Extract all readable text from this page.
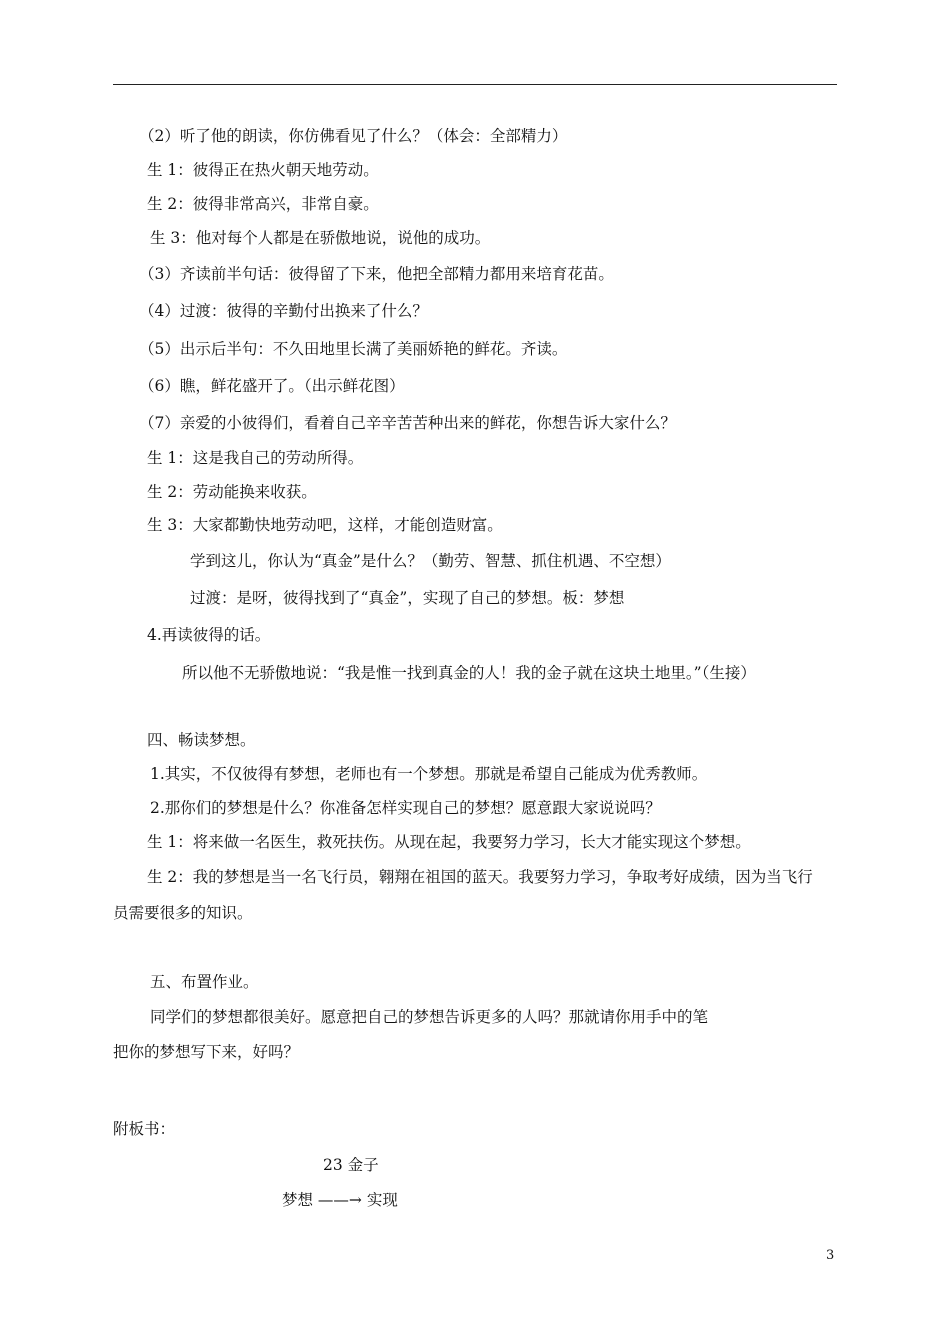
（2）听了他的朗读，你仿佛看见了什么？（体会：全部精力）
生 1：彼得正在热火朝天地劳动。
生 2：彼得非常高兴，非常自豪。
生 3：他对每个人都是在骄傲地说，说他的成功。
（3）齐读前半句话：彼得留了下来，他把全部精力都用来培育花苗。
（4）过渡：彼得的辛勤付出换来了什么？
（5）出示后半句：不久田地里长满了美丽娇艳的鲜花。齐读。
（6）瞧，鲜花盛开了。（出示鲜花图）
（7）亲爱的小彼得们，看着自己辛辛苦苦种出来的鲜花，你想告诉大家什么？
生 1：这是我自己的劳动所得。
生 2：劳动能换来收获。
生 3：大家都勤快地劳动吧，这样，才能创造财富。
学到这儿，你认为“真金”是什么？（勤劳、智慧、抓住机遇、不空想）
过渡：是呀，彼得找到了“真金”，实现了自己的梦想。板：梦想
4.再读彼得的话。
所以他不无骄傲地说：“我是惟一找到真金的人！我的金子就在这块土地里。”（生接）
四、畅读梦想。
1.其实，不仅彼得有梦想，老师也有一个梦想。那就是希望自己能成为优秀教师。
2.那你们的梦想是什么？你准备怎样实现自己的梦想？愿意跟大家说说吗？
生 1：将来做一名医生，救死扶伤。从现在起，我要努力学习，长大才能实现这个梦想。
生 2：我的梦想是当一名飞行员，翱翔在祖国的蓝天。我要努力学习，争取考好成绩，因为当飞行
员需要很多的知识。
五、布置作业。
同学们的梦想都很美好。愿意把自己的梦想告诉更多的人吗？那就请你用手中的笔
把你的梦想写下来，好吗？
附板书：
23 金子
梦想 ——→ 实现
3
